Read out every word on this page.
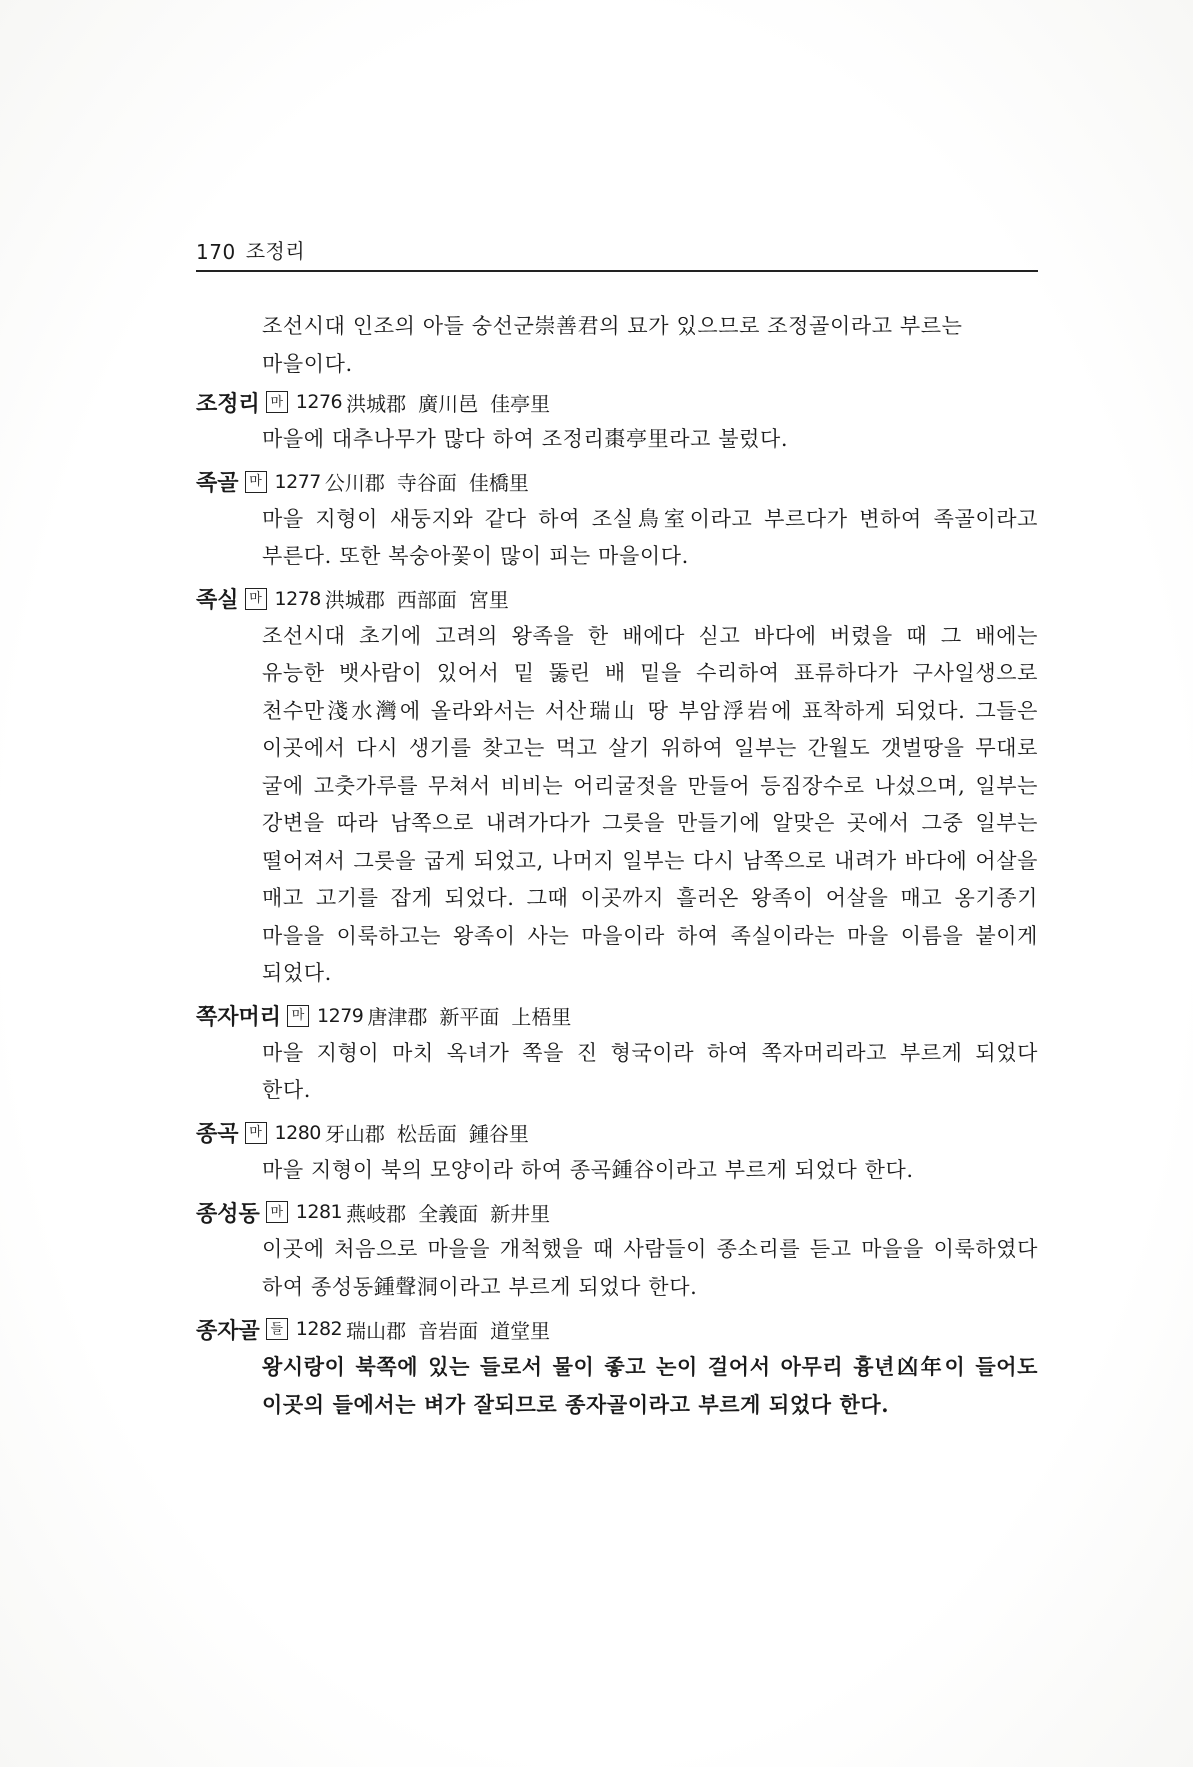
170 조정리
조선시대 인조의 아들 숭선군崇善君의 묘가 있으므로 조정골이라고 부르는 마을이다.
조정리 마 1276 洪城郡 廣川邑 佳亭里
마을에 대추나무가 많다 하여 조정리棗亭里라고 불렀다.
족골 마 1277 公川郡 寺谷面 佳橋里
마을 지형이 새둥지와 같다 하여 조실鳥室이라고 부르다가 변하여 족골이라고 부른다. 또한 복숭아꽃이 많이 피는 마을이다.
족실 마 1278 洪城郡 西部面 宮里
조선시대 초기에 고려의 왕족을 한 배에다 싣고 바다에 버렸을 때 그 배에는 유능한 뱃사람이 있어서 밑 뚫린 배 밑을 수리하여 표류하다가 구사일생으로 천수만淺水灣에 올라와서는 서산瑞山 땅 부암浮岩에 표착하게 되었다. 그들은 이곳에서 다시 생기를 찾고는 먹고 살기 위하여 일부는 간월도 갯벌땅을 무대로 굴에 고춧가루를 무쳐서 비비는 어리굴젓을 만들어 등짐장수로 나섰으며, 일부는 강변을 따라 남쪽으로 내려가다가 그릇을 만들기에 알맞은 곳에서 그중 일부는 떨어져서 그릇을 굽게 되었고, 나머지 일부는 다시 남쪽으로 내려가 바다에 어살을 매고 고기를 잡게 되었다. 그때 이곳까지 흘러온 왕족이 어살을 매고 옹기종기 마을을 이룩하고는 왕족이 사는 마을이라 하여 족실이라는 마을 이름을 붙이게 되었다.
쪽자머리 마 1279 唐津郡 新平面 上梧里
마을 지형이 마치 옥녀가 쪽을 진 형국이라 하여 쪽자머리라고 부르게 되었다 한다.
종곡 마 1280 牙山郡 松岳面 鍾谷里
마을 지형이 북의 모양이라 하여 종곡鍾谷이라고 부르게 되었다 한다.
종성동 마 1281 燕岐郡 全義面 新井里
이곳에 처음으로 마을을 개척했을 때 사람들이 종소리를 듣고 마을을 이룩하였다 하여 종성동鍾聲洞이라고 부르게 되었다 한다.
종자골 들 1282 瑞山郡 音岩面 道堂里
왕시랑이 북쪽에 있는 들로서 물이 좋고 논이 걸어서 아무리 흉년凶年이 들어도 이곳의 들에서는 벼가 잘되므로 종자골이라고 부르게 되었다 한다.
